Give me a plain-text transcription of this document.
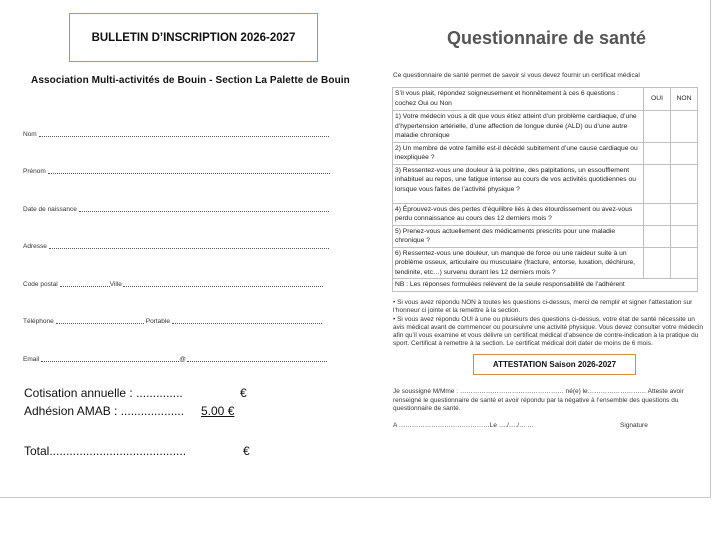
BULLETIN D’INSCRIPTION 2026-2027
Association Multi-activités de Bouin - Section La Palette de Bouin
Nom
Prénom
Date de naissance
Adresse
Code postal	Ville
Téléphone	Portable
Email	@
Cotisation annuelle : ..............	€
Adhésion AMAB : ................... 5.00 €
Total.........................................	€
Questionnaire de santé
Ce questionnaire de santé permet de savoir si vous devez fournir un certificat médical
S’il vous plait, répondez soigneusement et honnêtement à ces 6 questions : cochez Oui ou Non	OUI	NON
1) Votre médecin vous a dit que vous étiez atteint d’un problème cardiaque, d’une d’hypertension artérielle, d’une affection de longue durée (ALD) ou d’une autre maladie chronique		
2) Un membre de votre famille est-il décédé subitement d’une cause cardiaque ou inexpliquée ?		
3) Ressentez-vous une douleur à la poitrine, des palpitations, un essoufflement inhabituel au repos, une fatigue intense au cours de vos activités quotidiennes ou lorsque vous faites de l’activité physique ?		
4) Éprouvez-vous des pertes d’équilibre liés à des étourdissement ou avez-vous perdu connaissance au cours des 12 derniers mois ?		
5) Prenez-vous actuellement des médicaments prescrits pour une maladie chronique ?		
6) Ressentez-vous une douleur, un manque de force ou une raideur suite à un problème osseux, articulaire ou musculaire (fracture, entorse, luxation, déchirure, tendinite, etc…) survenu durant les 12 derniers mois ?		
NB : Les réponses formulées relèvent de la seule responsabilité de l’adhérent		
• Si vous avez répondu NON à toutes les questions ci-dessus, merci de remplir et signer l’attestation sur l’honneur ci jointe et la remettre à la section.
• Si vous avez répondu OUI à une ou plusieurs des questions ci-dessus, votre état de santé nécessite un avis médical avant de commencer ou poursuivre une activité physique. Vous devez consulter votre médecin afin qu’il vous examine et vous délivre un certificat médical d’absence de contre-indication à la pratique du sport. Certificat à remettre à la section. Le certificat médical doit dater de moins de 6 mois.
ATTESTATION Saison 2026-2027
Je soussigné M/Mme : ………………………………………… né(e) le……………………… Atteste avoir renseigné le questionnaire de santé et avoir répondu par la négative à l’ensemble des questions du questionnaire de santé.
A ……………………………………Le …./…./… …	Signature
